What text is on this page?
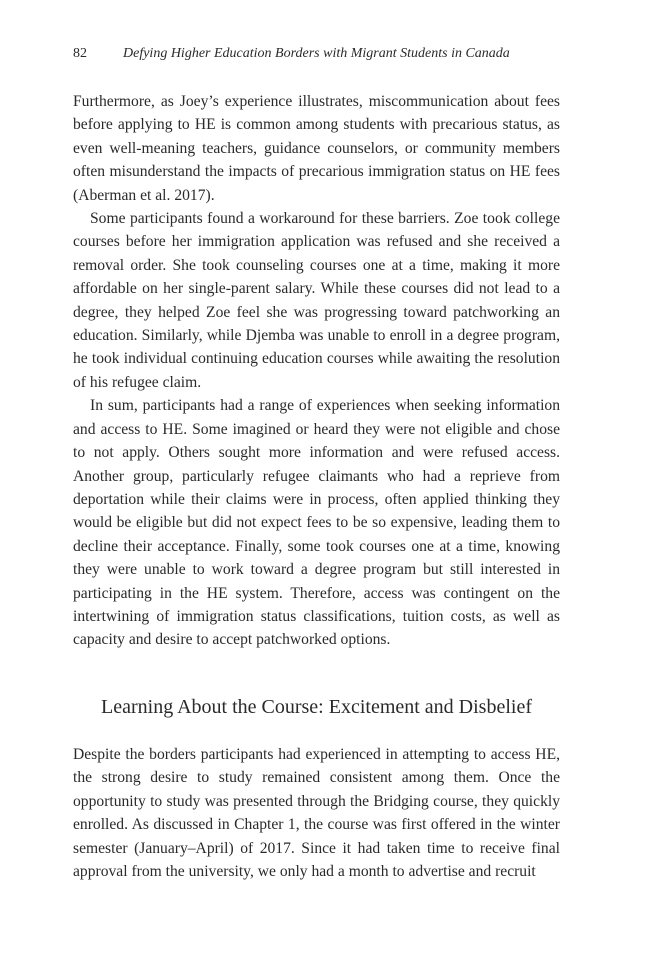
82	Defying Higher Education Borders with Migrant Students in Canada

Furthermore, as Joey’s experience illustrates, miscommunication about fees before applying to HE is common among students with precarious status, as even well-meaning teachers, guidance counselors, or community members often misunderstand the impacts of precarious immigration status on HE fees (Aberman et al. 2017).

Some participants found a workaround for these barriers. Zoe took college courses before her immigration application was refused and she received a removal order. She took counseling courses one at a time, making it more affordable on her single-parent salary. While these courses did not lead to a degree, they helped Zoe feel she was progressing toward patchworking an education. Similarly, while Djemba was unable to enroll in a degree program, he took individual continuing education courses while awaiting the resolution of his refugee claim.

In sum, participants had a range of experiences when seeking information and access to HE. Some imagined or heard they were not eligible and chose to not apply. Others sought more information and were refused access. Another group, particularly refugee claimants who had a reprieve from deportation while their claims were in process, often applied thinking they would be eligible but did not expect fees to be so expensive, leading them to decline their acceptance. Finally, some took courses one at a time, knowing they were unable to work toward a degree program but still interested in participating in the HE system. Therefore, access was contingent on the intertwining of immigration status classifications, tuition costs, as well as capacity and desire to accept patchworked options.

Learning About the Course: Excitement and Disbelief

Despite the borders participants had experienced in attempting to access HE, the strong desire to study remained consistent among them. Once the opportunity to study was presented through the Bridging course, they quickly enrolled. As discussed in Chapter 1, the course was first offered in the winter semester (January–April) of 2017. Since it had taken time to receive final approval from the university, we only had a month to advertise and recruit
